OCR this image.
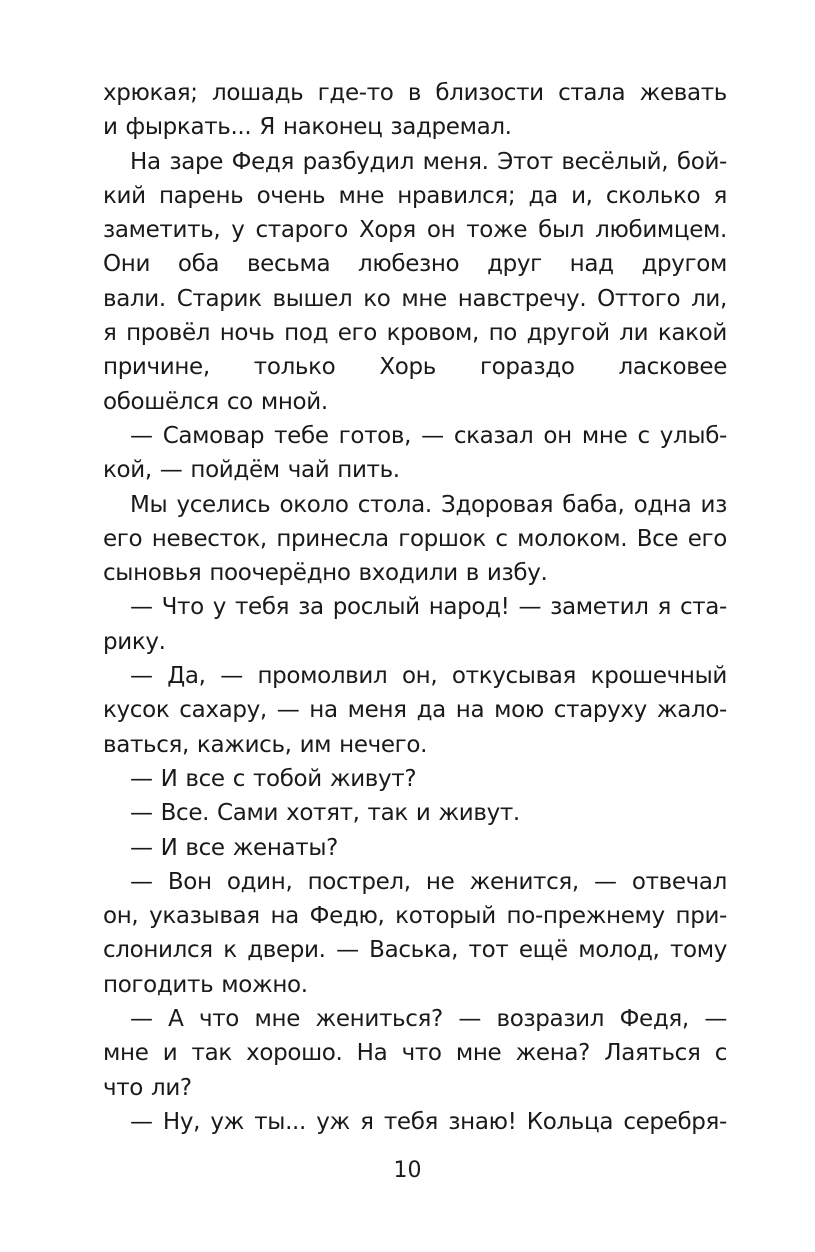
хрюкая; лошадь где-то в близости стала жевать
и фыркать... Я наконец задремал.
На заре Федя разбудил меня. Этот весёлый, бой-
кий парень очень мне нравился; да и, сколько я
заметить, у старого Хоря он тоже был любимцем.
Они оба весьма любезно друг над другом
вали. Старик вышел ко мне навстречу. Оттого ли,
я провёл ночь под его кровом, по другой ли какой
причине, только Хорь гораздо ласковее
обошёлся со мной.
— Самовар тебе готов, — сказал он мне с улыб-
кой, — пойдём чай пить.
Мы уселись около стола. Здоровая баба, одна из
его невесток, принесла горшок с молоком. Все его
сыновья поочерёдно входили в избу.
— Что у тебя за рослый народ! — заметил я ста-
рику.
— Да, — промолвил он, откусывая крошечный
кусок сахару, — на меня да на мою старуху жало-
ваться, кажись, им нечего.
— И все с тобой живут?
— Все. Сами хотят, так и живут.
— И все женаты?
— Вон один, пострел, не женится, — отвечал
он, указывая на Федю, который по-прежнему при-
слонился к двери. — Васька, тот ещё молод, тому
погодить можно.
— А что мне жениться? — возразил Федя, —
мне и так хорошо. На что мне жена? Лаяться с
что ли?
— Ну, уж ты... уж я тебя знаю! Кольца серебря-
10
